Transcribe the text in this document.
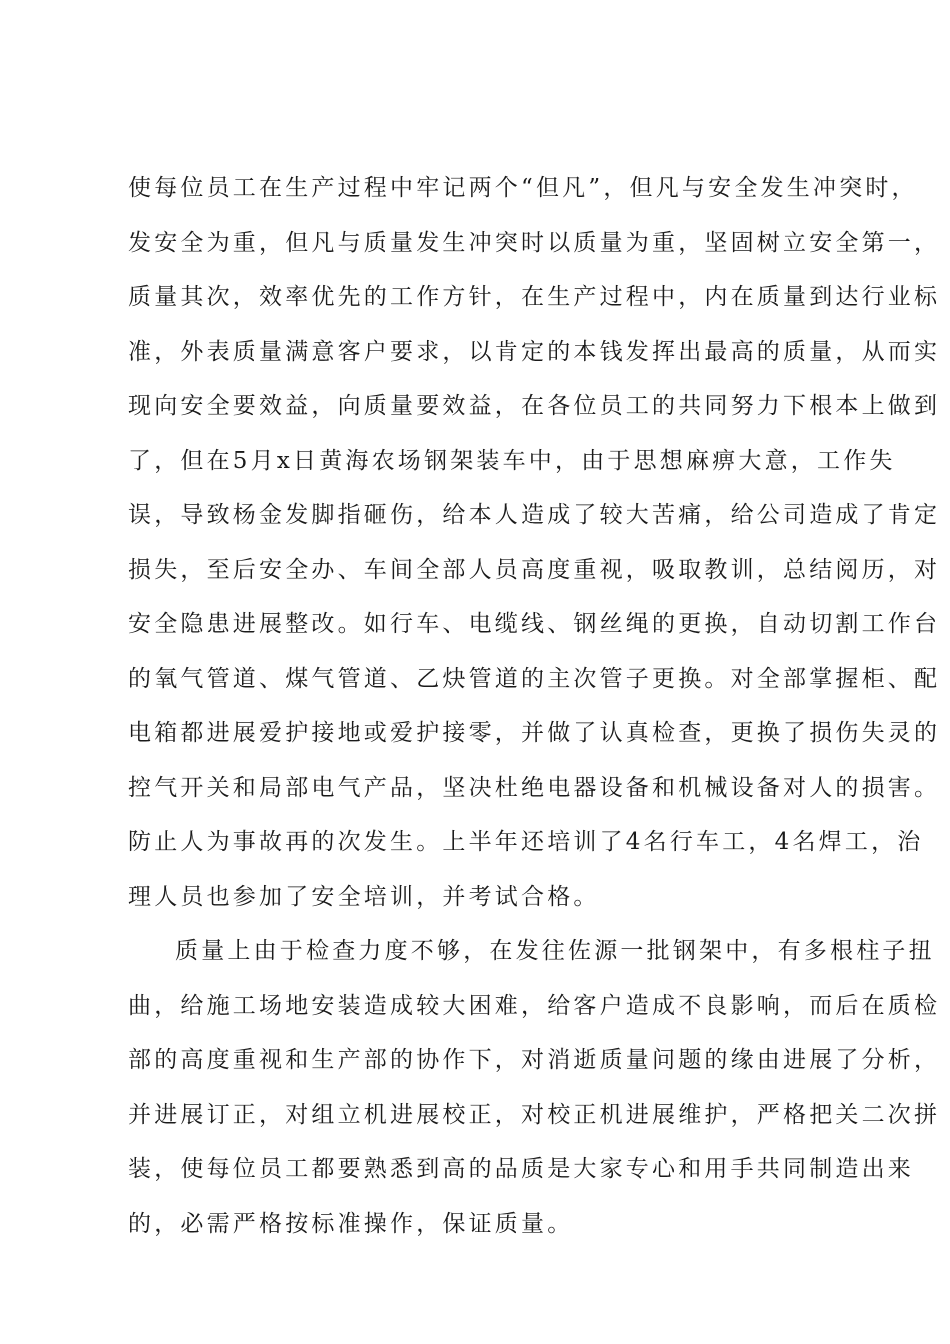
使每位员工在生产过程中牢记两个“但凡”，但凡与安全发生冲突时，
发安全为重，但凡与质量发生冲突时以质量为重，坚固树立安全第一，
质量其次，效率优先的工作方针，在生产过程中，内在质量到达行业标
准，外表质量满意客户要求，以肯定的本钱发挥出最高的质量，从而实
现向安全要效益，向质量要效益，在各位员工的共同努力下根本上做到
了，但在5月x日黄海农场钢架装车中，由于思想麻痹大意，工作失
误，导致杨金发脚指砸伤，给本人造成了较大苦痛，给公司造成了肯定
损失，至后安全办、车间全部人员高度重视，吸取教训，总结阅历，对
安全隐患进展整改。如行车、电缆线、钢丝绳的更换，自动切割工作台
的氧气管道、煤气管道、乙炔管道的主次管子更换。对全部掌握柜、配
电箱都进展爱护接地或爱护接零，并做了认真检查，更换了损伤失灵的
控气开关和局部电气产品，坚决杜绝电器设备和机械设备对人的损害。
防止人为事故再的次发生。上半年还培训了4名行车工，4名焊工，治
理人员也参加了安全培训，并考试合格。
质量上由于检查力度不够，在发往佐源一批钢架中，有多根柱子扭
曲，给施工场地安装造成较大困难，给客户造成不良影响，而后在质检
部的高度重视和生产部的协作下，对消逝质量问题的缘由进展了分析，
并进展订正，对组立机进展校正，对校正机进展维护，严格把关二次拼
装，使每位员工都要熟悉到高的品质是大家专心和用手共同制造出来
的，必需严格按标准操作，保证质量。
